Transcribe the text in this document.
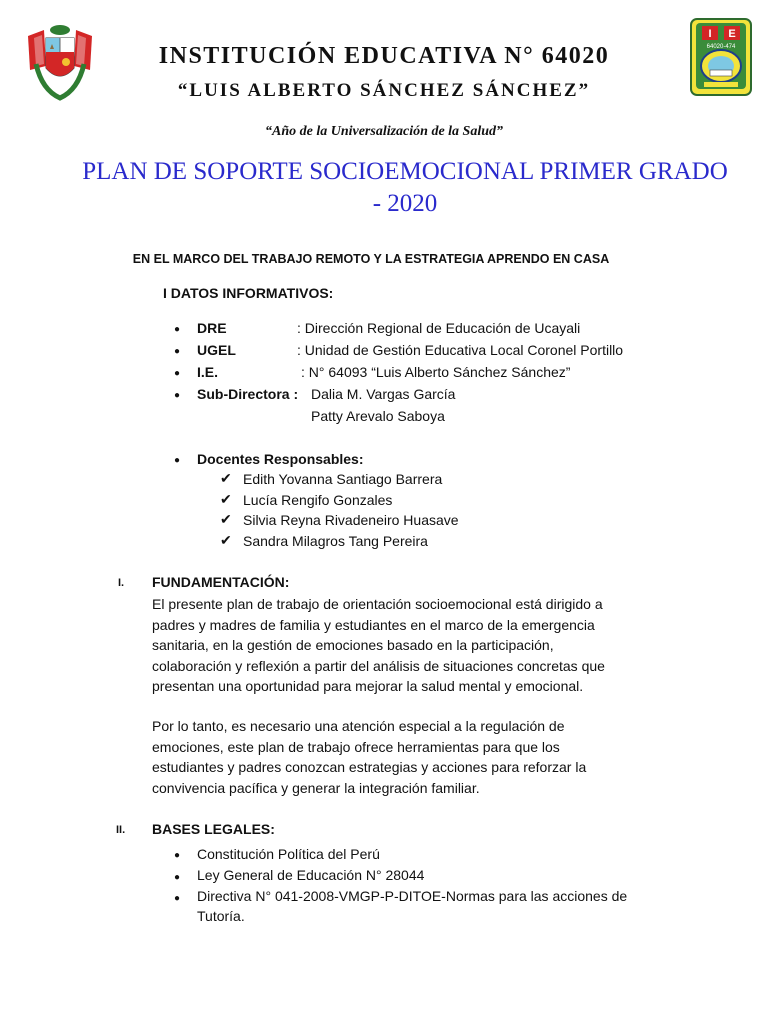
I E
64020-474
INSTITUCIÓN EDUCATIVA N° 64020
“LUIS ALBERTO SÁNCHEZ SÁNCHEZ”
“Año de la Universalización de la Salud”
PLAN DE SOPORTE SOCIOEMOCIONAL PRIMER GRADO
- 2020
EN EL MARCO DEL TRABAJO REMOTO Y LA ESTRATEGIA APRENDO EN CASA
I DATOS INFORMATIVOS:
● DRE	: Dirección Regional de Educación de Ucayali
● UGEL	: Unidad de Gestión Educativa Local Coronel Portillo
● I.E.	: N° 64093 “Luis Alberto Sánchez Sánchez”
● Sub-Directora : Dalia M. Vargas García
Patty Arevalo Saboya
● Docentes Responsables:
✔ Edith Yovanna Santiago Barrera
✔ Lucía Rengifo Gonzales
✔ Silvia Reyna Rivadeneiro Huasave
✔ Sandra Milagros Tang Pereira
I. FUNDAMENTACIÓN:
El presente plan de trabajo de orientación socioemocional está dirigido a
padres y madres de familia y estudiantes en el marco de la emergencia
sanitaria, en la gestión de emociones basado en la participación,
colaboración y reflexión a partir del análisis de situaciones concretas que
presentan una oportunidad para mejorar la salud mental y emocional.
Por lo tanto, es necesario una atención especial a la regulación de
emociones, este plan de trabajo ofrece herramientas para que los
estudiantes y padres conozcan estrategias y acciones para reforzar la
convivencia pacífica y generar la integración familiar.
II. BASES LEGALES:
● Constitución Política del Perú
● Ley General de Educación N° 28044
● Directiva N° 041-2008-VMGP-P-DITOE-Normas para las acciones de
Tutoría.
